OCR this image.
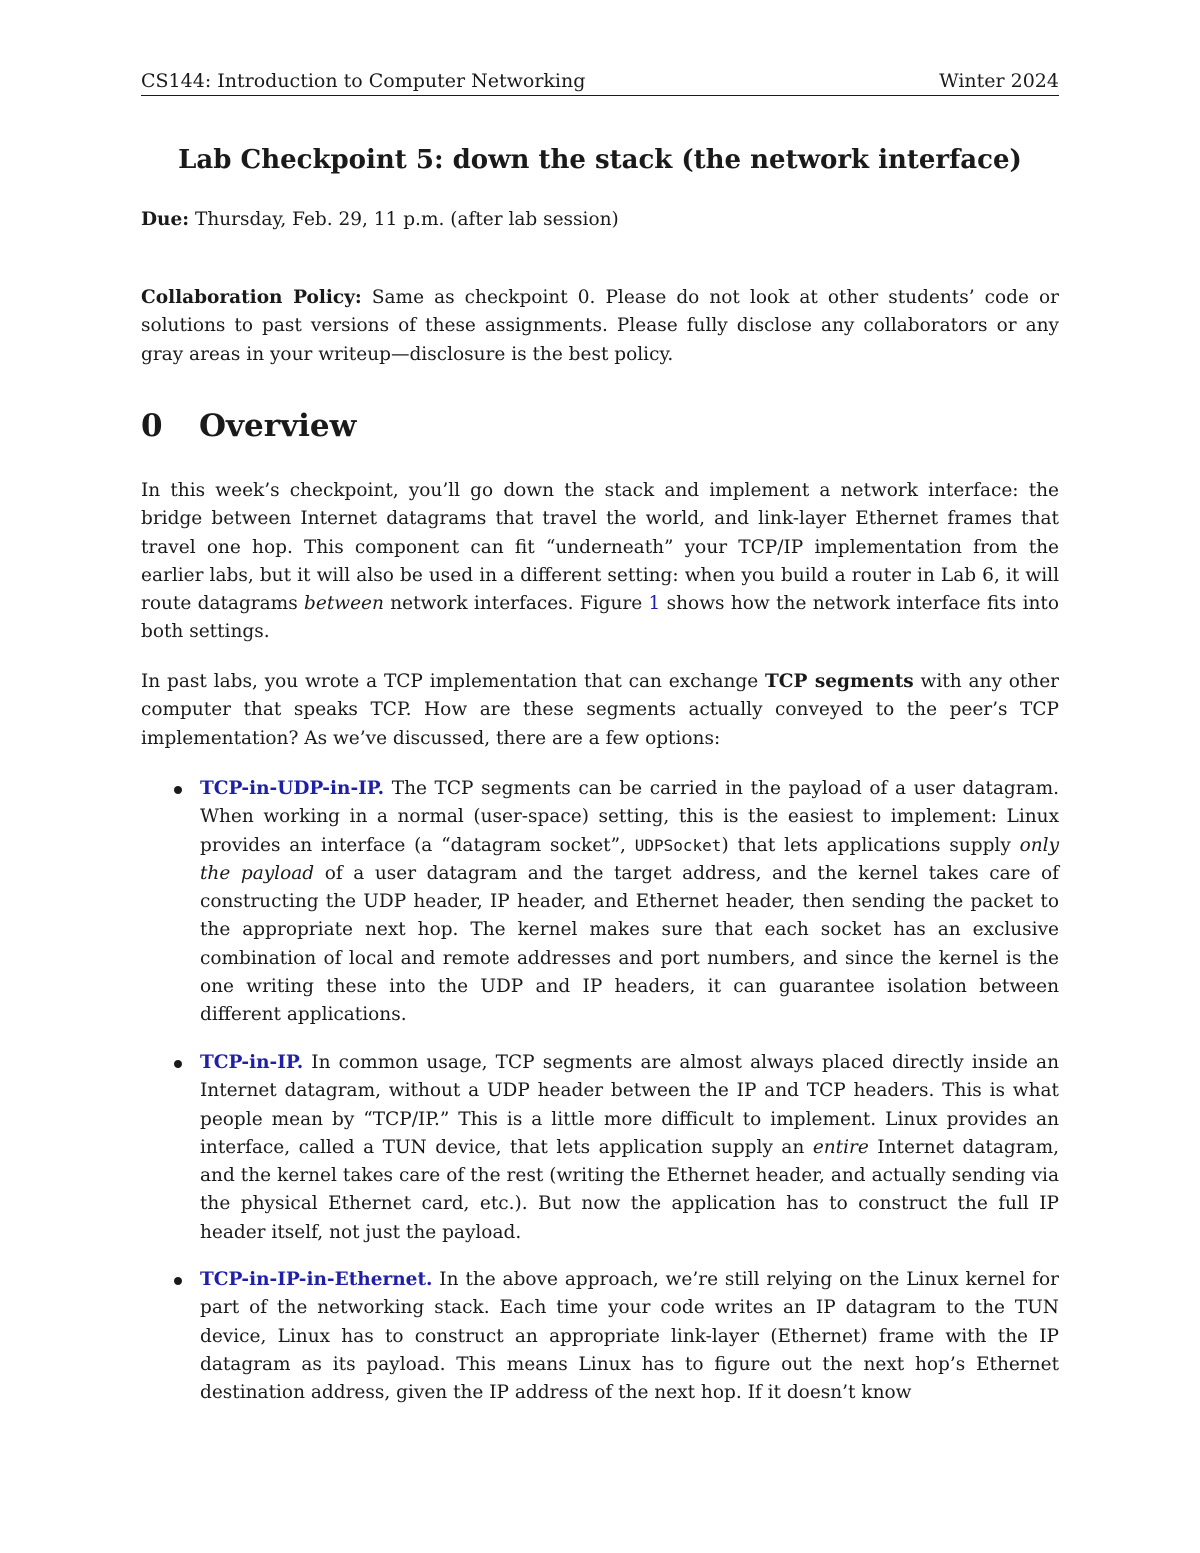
CS144: Introduction to Computer Networking	Winter 2024
Lab Checkpoint 5: down the stack (the network interface)
Due: Thursday, Feb. 29, 11 p.m. (after lab session)
Collaboration Policy: Same as checkpoint 0. Please do not look at other students’ code or solutions to past versions of these assignments. Please fully disclose any collaborators or any gray areas in your writeup—disclosure is the best policy.
0 Overview
In this week’s checkpoint, you’ll go down the stack and implement a network interface: the bridge between Internet datagrams that travel the world, and link-layer Ethernet frames that travel one hop. This component can fit “underneath” your TCP/IP implementation from the earlier labs, but it will also be used in a different setting: when you build a router in Lab 6, it will route datagrams between network interfaces. Figure 1 shows how the network interface fits into both settings.
In past labs, you wrote a TCP implementation that can exchange TCP segments with any other computer that speaks TCP. How are these segments actually conveyed to the peer’s TCP implementation? As we’ve discussed, there are a few options:
TCP-in-UDP-in-IP. The TCP segments can be carried in the payload of a user datagram. When working in a normal (user-space) setting, this is the easiest to implement: Linux provides an interface (a “datagram socket”, UDPSocket) that lets applications supply only the payload of a user datagram and the target address, and the kernel takes care of constructing the UDP header, IP header, and Ethernet header, then sending the packet to the appropriate next hop. The kernel makes sure that each socket has an exclusive combination of local and remote addresses and port numbers, and since the kernel is the one writing these into the UDP and IP headers, it can guarantee isolation between different applications.
TCP-in-IP. In common usage, TCP segments are almost always placed directly inside an Internet datagram, without a UDP header between the IP and TCP headers. This is what people mean by “TCP/IP.” This is a little more difficult to implement. Linux provides an interface, called a TUN device, that lets application supply an entire Internet datagram, and the kernel takes care of the rest (writing the Ethernet header, and actually sending via the physical Ethernet card, etc.). But now the application has to construct the full IP header itself, not just the payload.
TCP-in-IP-in-Ethernet. In the above approach, we’re still relying on the Linux kernel for part of the networking stack. Each time your code writes an IP datagram to the TUN device, Linux has to construct an appropriate link-layer (Ethernet) frame with the IP datagram as its payload. This means Linux has to figure out the next hop’s Ethernet destination address, given the IP address of the next hop. If it doesn’t know
